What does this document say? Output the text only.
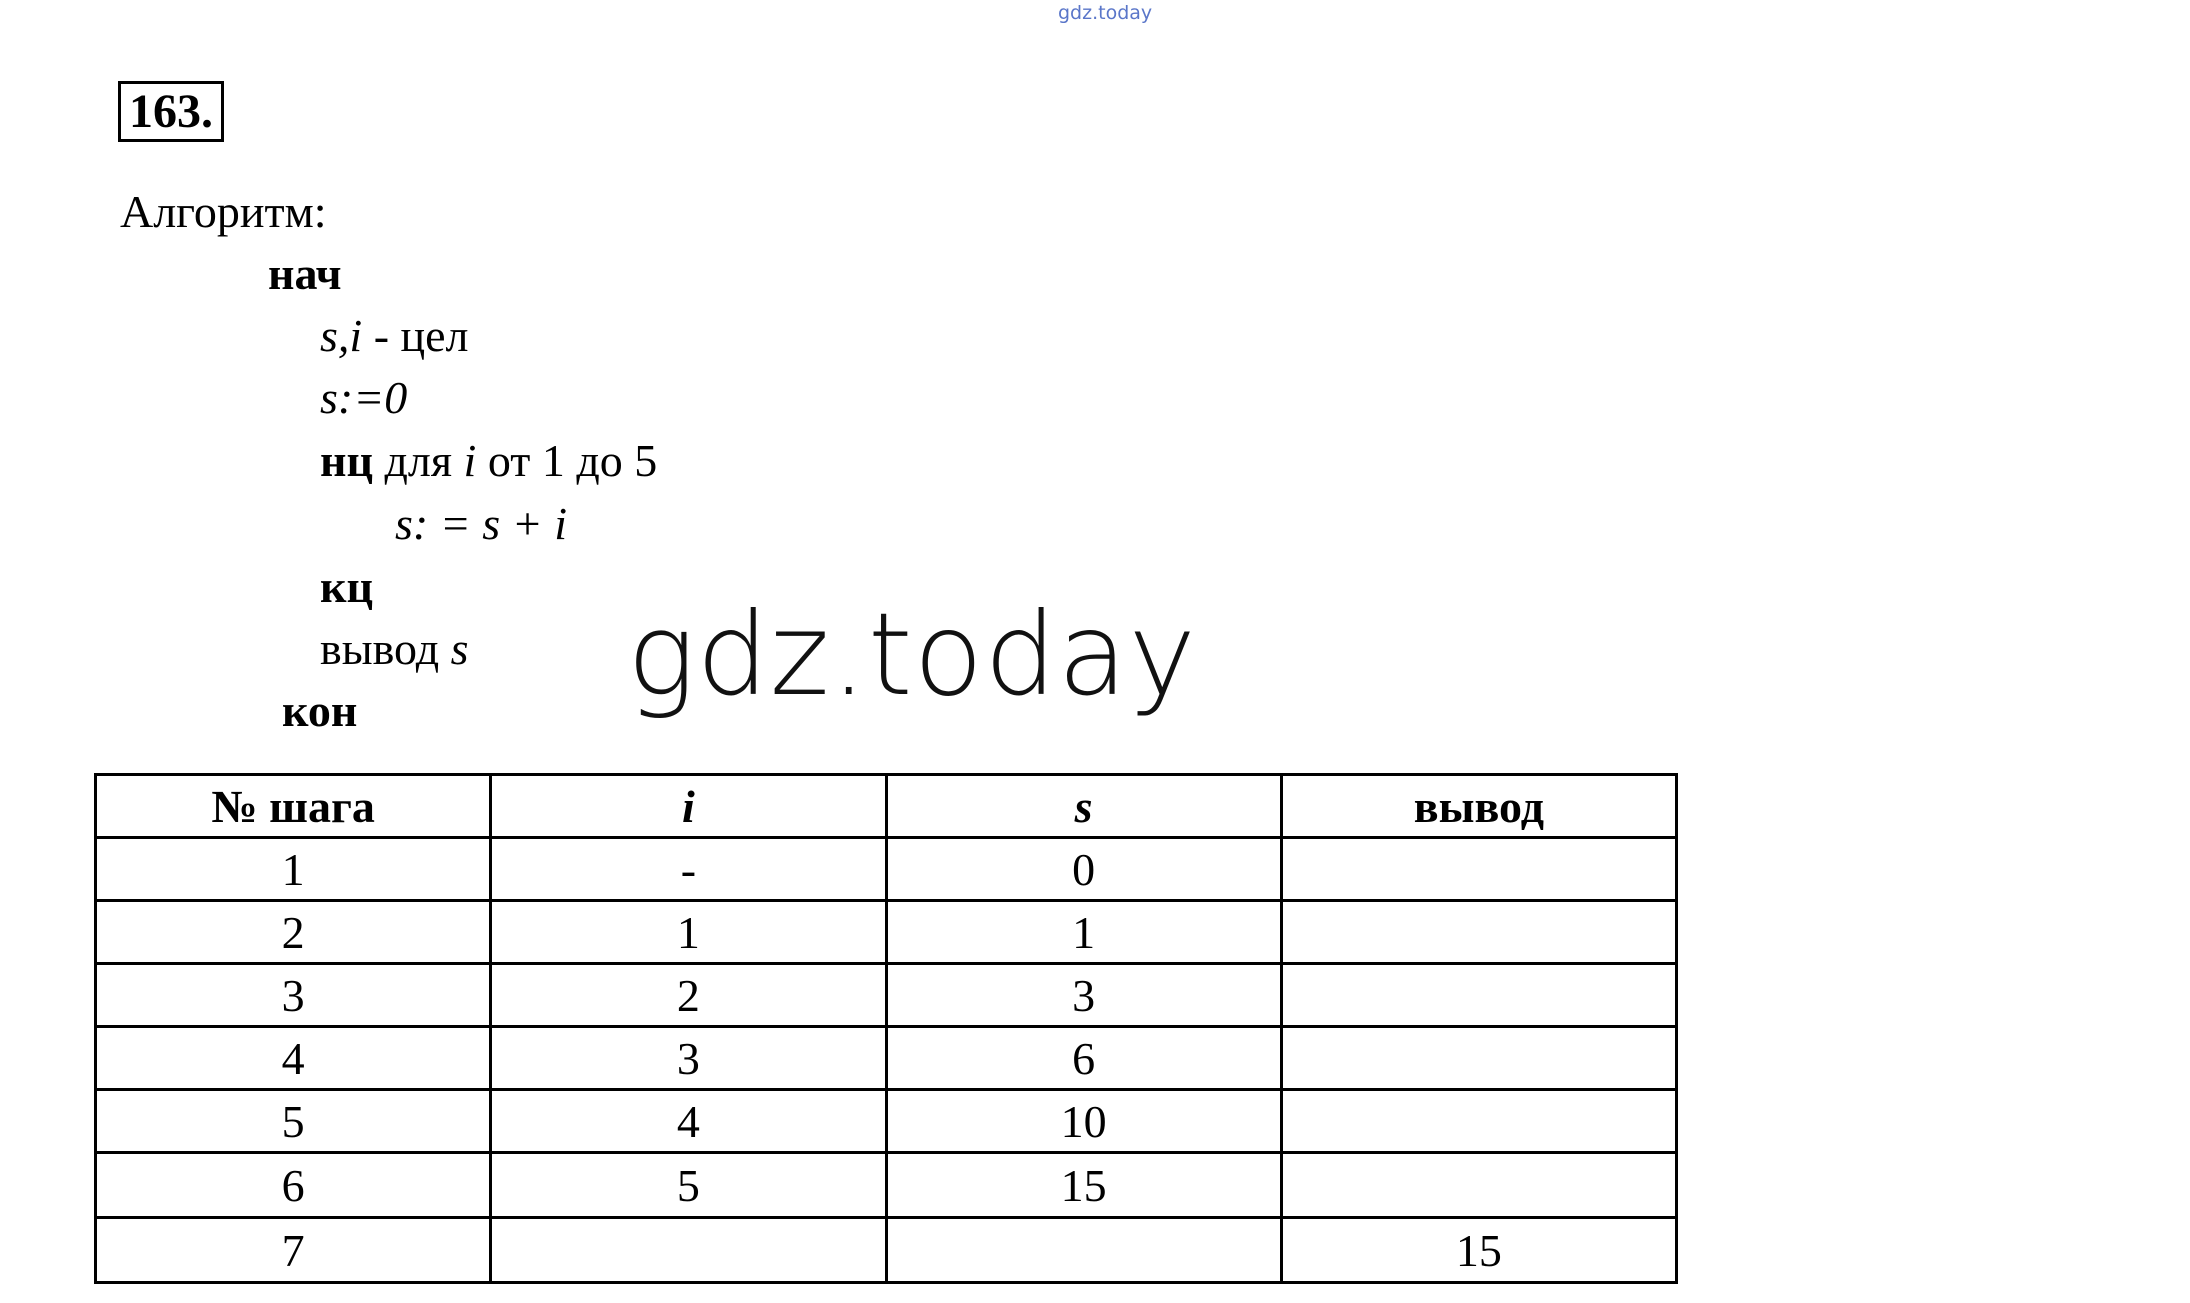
gdz.today
163.
Алгоритм:
нач
s,i - цел
s:=0
нц для i от 1 до 5
s: = s + i
кц
вывод s
кон gdz.today
№ шага	i	s	вывод
1	-	0	
2	1	1	
3	2	3	
4	3	6	
5	4	10	
6	5	15	
7			15
